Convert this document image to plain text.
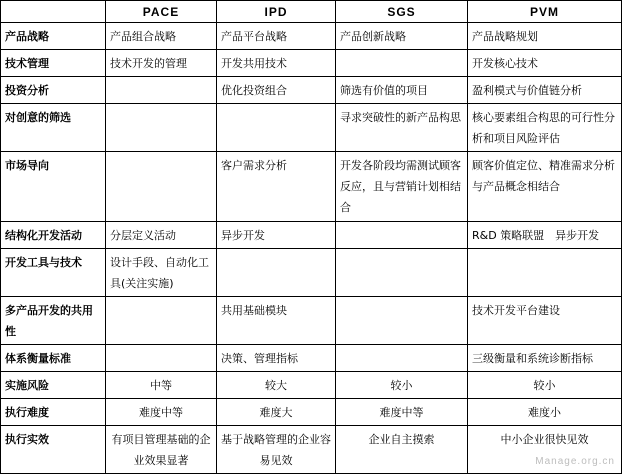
	PACE	IPD	SGS	PVM
产品战略	产品组合战略	产品平台战略	产品创新战略	产品战略规划
技术管理	技术开发的管理	开发共用技术		开发核心技术
投资分析		优化投资组合	筛选有价值的项目	盈利模式与价值链分析
对创意的筛选			寻求突破性的新产品构思	核心要素组合构思的可行性分析和项目风险评估
市场导向		客户需求分析	开发各阶段均需测试顾客反应，且与营销计划相结合	顾客价值定位、精准需求分析与产品概念相结合
结构化开发活动	分层定义活动	异步开发		R&D 策略联盟　异步开发
开发工具与技术	设计手段、自动化工具(关注实施)			
多产品开发的共用性		共用基础模块		技术开发平台建设
体系衡量标准		决策、管理指标		三级衡量和系统诊断指标
实施风险	中等	较大	较小	较小
执行难度	难度中等	难度大	难度中等	难度小
执行实效	有项目管理基础的企业效果显著	基于战略管理的企业容易见效	企业自主摸索	中小企业很快见效
Manage.org.cn
